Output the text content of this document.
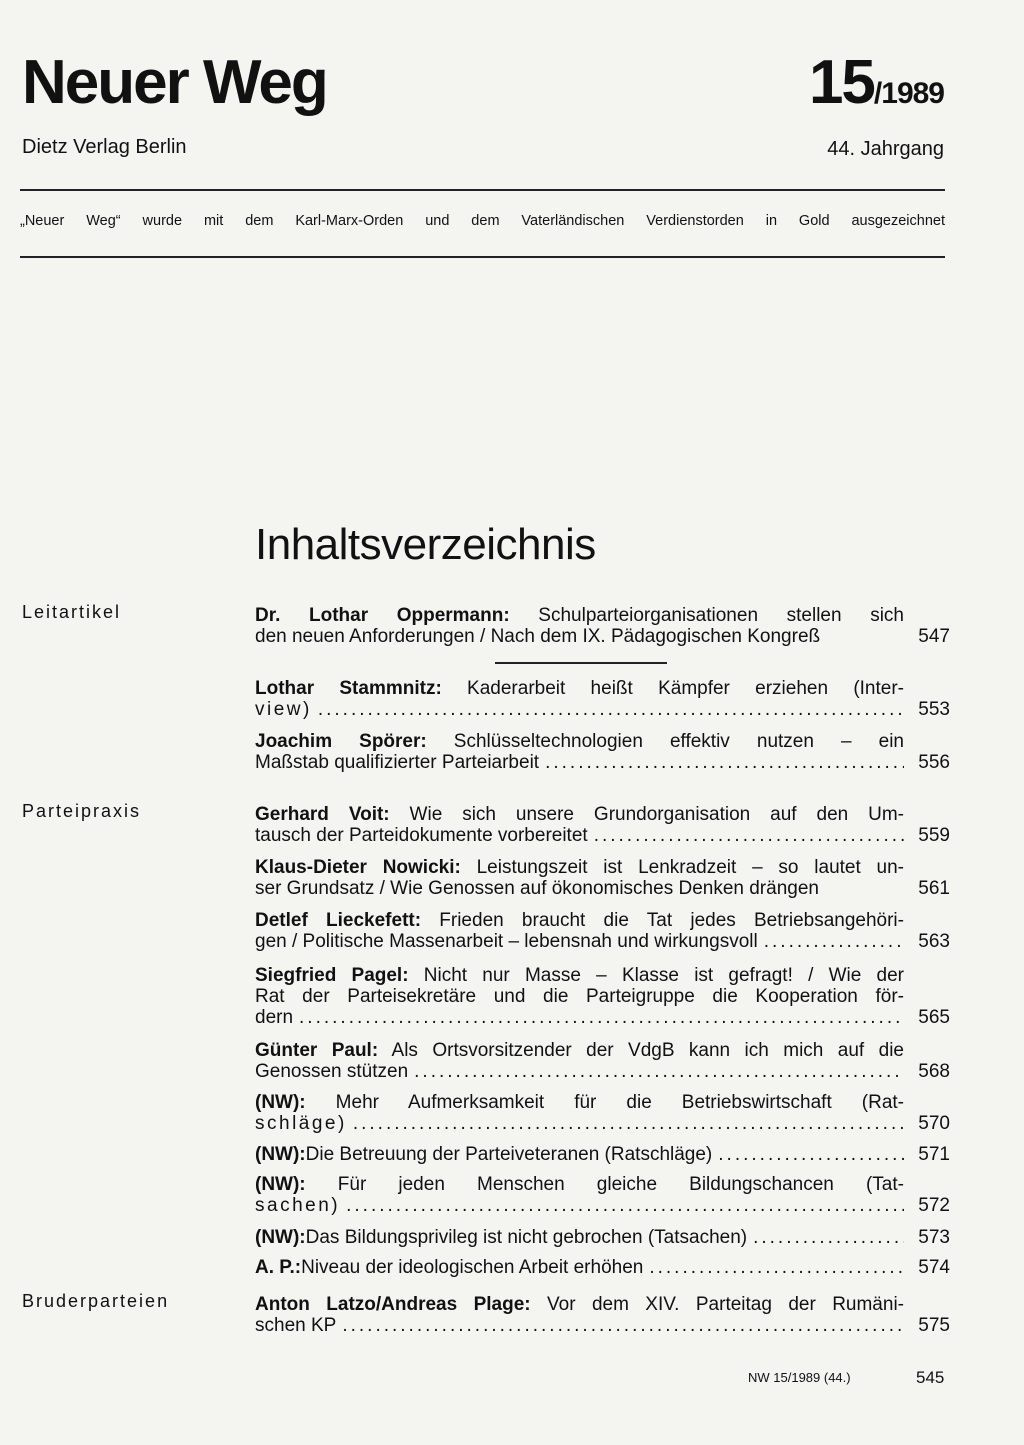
Neuer Weg
Dietz Verlag Berlin
15/1989
44. Jahrgang
„Neuer Weg“ wurde mit dem Karl-Marx-Orden und dem Vaterländischen Verdienstorden in Gold ausgezeichnet
Inhaltsverzeichnis
Leitartikel
Parteipraxis
Bruderparteien
Dr. Lothar Oppermann: Schulparteiorganisationen stellen sich
den neuen Anforderungen / Nach dem IX. Pädagogischen Kongreß	547
Lothar Stammnitz: Kaderarbeit heißt Kämpfer erziehen (Inter-
view) .....	553
Joachim Spörer: Schlüsseltechnologien effektiv nutzen – ein
Maßstab qualifizierter Parteiarbeit .....	556
Gerhard Voit: Wie sich unsere Grundorganisation auf den Um-
tausch der Parteidokumente vorbereitet .....	559
Klaus-Dieter Nowicki: Leistungszeit ist Lenkradzeit – so lautet un-
ser Grundsatz / Wie Genossen auf ökonomisches Denken drängen	561
Detlef Lieckefett: Frieden braucht die Tat jedes Betriebsangehöri-
gen / Politische Massenarbeit – lebensnah und wirkungsvoll .....	563
Siegfried Pagel: Nicht nur Masse – Klasse ist gefragt! / Wie der
Rat der Parteisekretäre und die Parteigruppe die Kooperation för-
dern .....	565
Günter Paul: Als Ortsvorsitzender der VdgB kann ich mich auf die
Genossen stützen .....	568
(NW): Mehr Aufmerksamkeit für die Betriebswirtschaft (Rat-
schläge) .....	570
(NW): Die Betreuung der Parteiveteranen (Ratschläge) .....	571
(NW): Für jeden Menschen gleiche Bildungschancen (Tat-
sachen) .....	572
(NW): Das Bildungsprivileg ist nicht gebrochen (Tatsachen) .....	573
A. P.: Niveau der ideologischen Arbeit erhöhen .....	574
Anton Latzo/Andreas Plage: Vor dem XIV. Parteitag der Rumäni-
schen KP .....	575
NW 15/1989 (44.)	545
